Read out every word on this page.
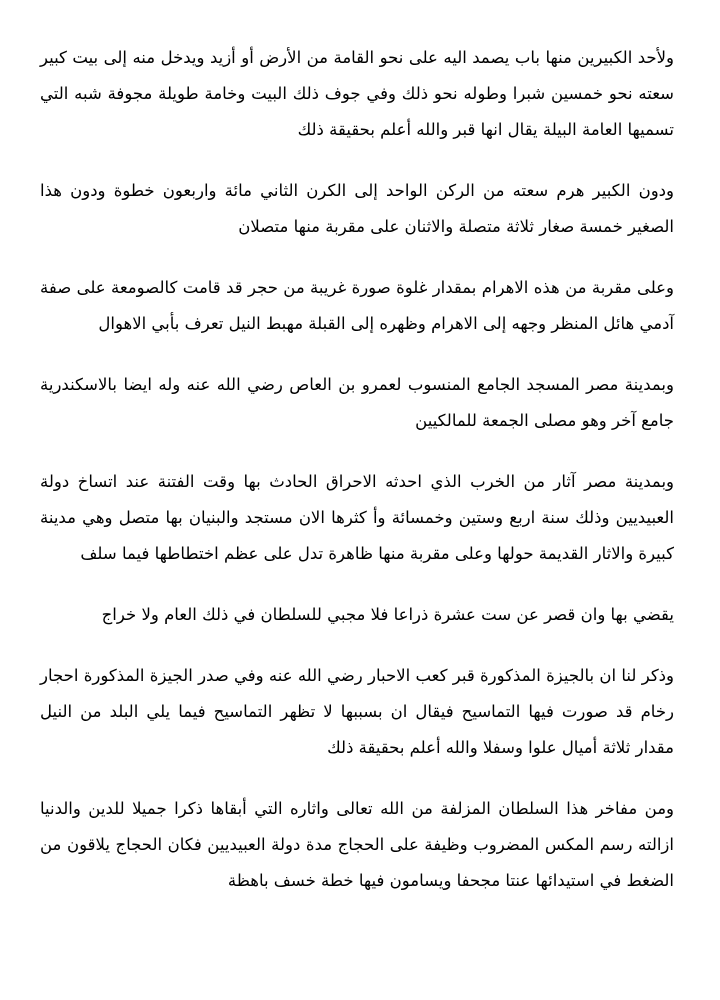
ولأحد الكبيرين منها باب يصمد اليه على نحو القامة من الأرض أو أزيد ويدخل منه إلى بيت كبير سعته نحو خمسين شبرا وطوله نحو ذلك وفي جوف ذلك البيت وخامة طويلة مجوفة شبه التي تسميها العامة البيلة يقال انها قبر والله أعلم بحقيقة ذلك

ودون الكبير هرم سعته من الركن الواحد إلى الكرن الثاني مائة واربعون خطوة ودون هذا الصغير خمسة صغار ثلاثة متصلة والاثنان على مقربة منها متصلان

وعلى مقربة من هذه الاهرام بمقدار غلوة صورة غريبة من حجر قد قامت كالصومعة على صفة آدمي هائل المنظر وجهه إلى الاهرام وظهره إلى القبلة مهبط النيل تعرف بأبي الاهوال

وبمدينة مصر المسجد الجامع المنسوب لعمرو بن العاص رضي الله عنه وله ايضا بالاسكندرية جامع آخر وهو مصلى الجمعة للمالكيين

وبمدينة مصر آثار من الخرب الذي احدثه الاحراق الحادث بها وقت الفتنة عند اتساخ دولة العبيديين وذلك سنة اربع وستين وخمسائة وأ كثرها الان مستجد والبنيان بها متصل وهي مدينة كبيرة والاثار القديمة حولها وعلى مقربة منها ظاهرة تدل على عظم اختطاطها فيما سلف

يقضي بها وان قصر عن ست عشرة ذراعا فلا مجبي للسلطان في ذلك العام ولا خراج

وذكر لنا ان بالجيزة المذكورة قبر كعب الاحبار رضي الله عنه وفي صدر الجيزة المذكورة احجار رخام قد صورت فيها التماسيح فيقال ان بسببها لا تظهر التماسيح فيما يلي البلد من النيل مقدار ثلاثة أميال علوا وسفلا والله أعلم بحقيقة ذلك

ومن مفاخر هذا السلطان المزلفة من الله تعالى واثاره التي أبقاها ذكرا جميلا للدين والدنيا ازالته رسم المكس المضروب وظيفة على الحجاج مدة دولة العبيديين فكان الحجاج يلاقون من الضغط في استيدائها عنتا مجحفا ويسامون فيها خطة خسف باهظة
